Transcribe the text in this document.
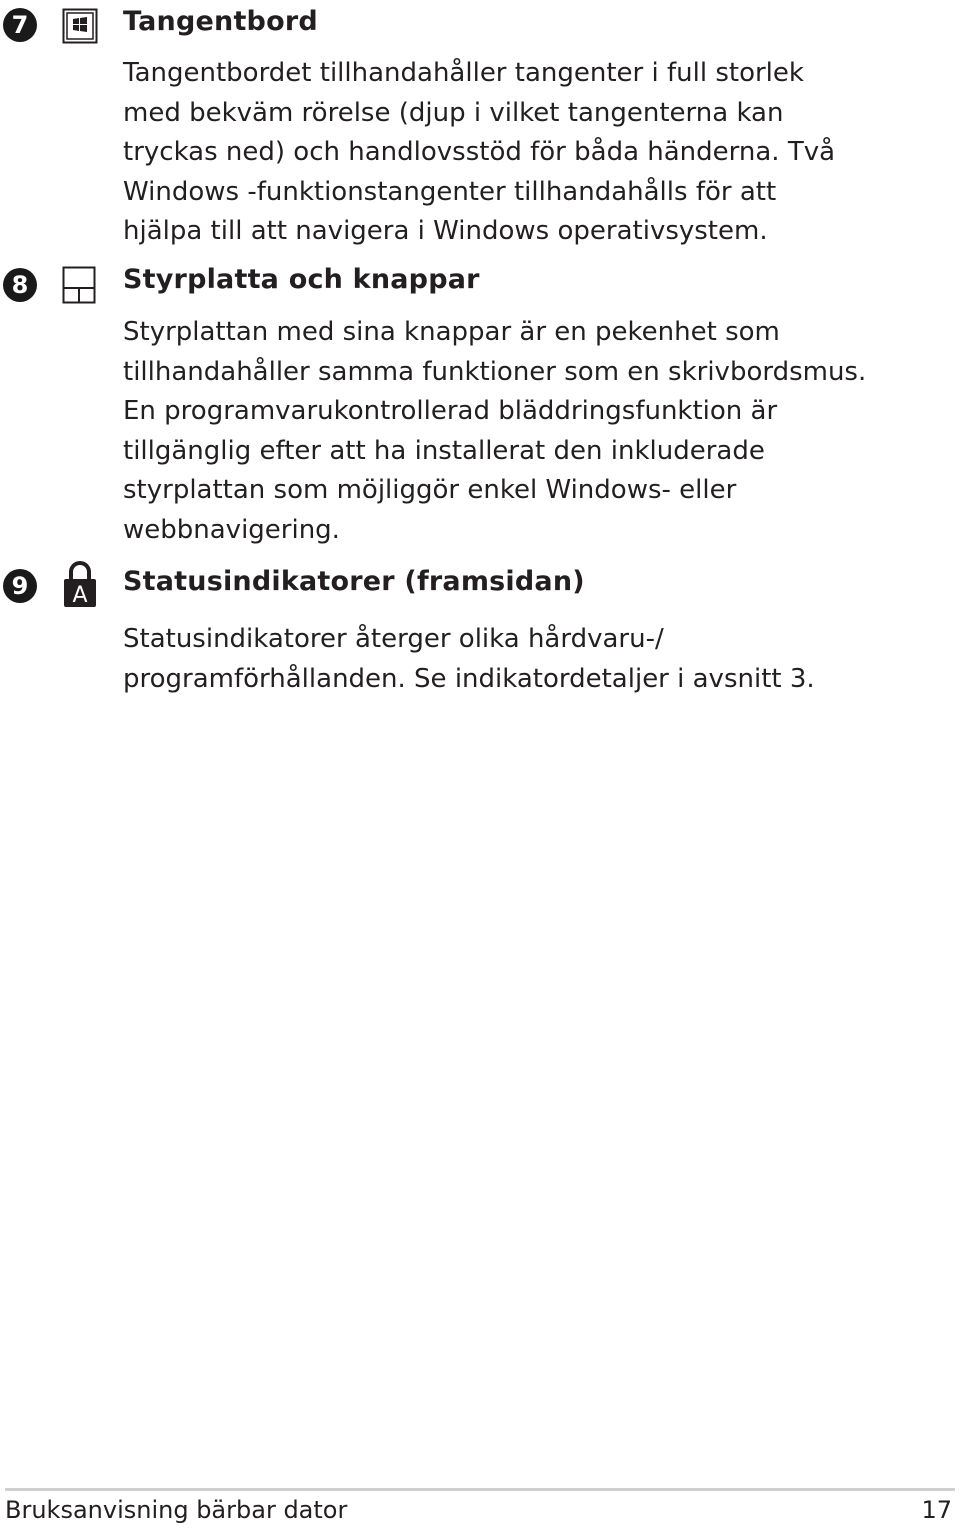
7	Tangentbord

Tangentbordet tillhandahåller tangenter i full storlek
med bekväm rörelse (djup i vilket tangenterna kan
tryckas ned) och handlovsstöd för båda händerna. Två
Windows -funktionstangenter tillhandahålls för att
hjälpa till att navigera i Windows operativsystem.

8	Styrplatta och knappar

Styrplattan med sina knappar är en pekenhet som
tillhandahåller samma funktioner som en skrivbordsmus.
En programvarukontrollerad bläddringsfunktion är
tillgänglig efter att ha installerat den inkluderade
styrplattan som möjliggör enkel Windows- eller
webbnavigering.

9	A Statusindikatorer (framsidan)

Statusindikatorer återger olika hårdvaru-/
programförhållanden. Se indikatordetaljer i avsnitt 3.

Bruksanvisning bärbar dator	17
